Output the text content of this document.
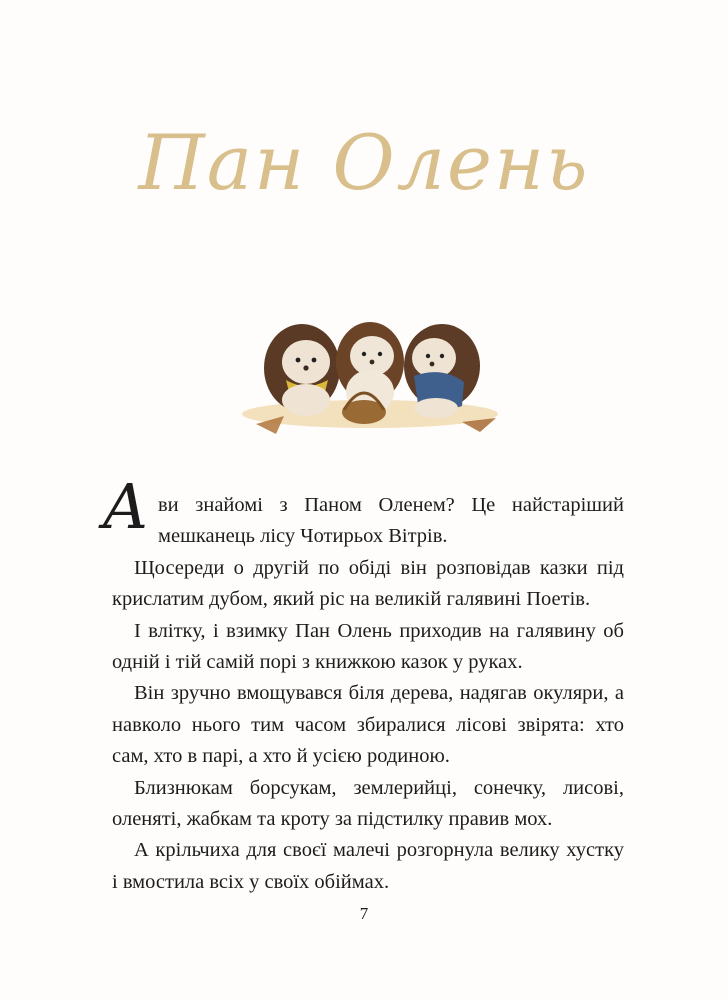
Пан Олень

А ви знайомі з Паном Оленем? Це найстаріший мешканець лісу Чотирьох Вітрів.

Щосереди о другій по обіді він розповідав казки під крислатим дубом, який ріс на великій галявині Поетів.

І влітку, і взимку Пан Олень приходив на галявину об одній і тій самій порі з книжкою казок у руках.

Він зручно вмощувався біля дерева, надягав окуляри, а навколо нього тим часом збиралися лісові звірята: хто сам, хто в парі, а хто й усією родиною.

Близнюкам борсукам, землерийці, сонечку, лисові, оленяті, жабкам та кроту за підстилку правив мох.

А крільчиха для своєї малечі розгорнула велику хустку і вмостила всіх у своїх обіймах.

7
